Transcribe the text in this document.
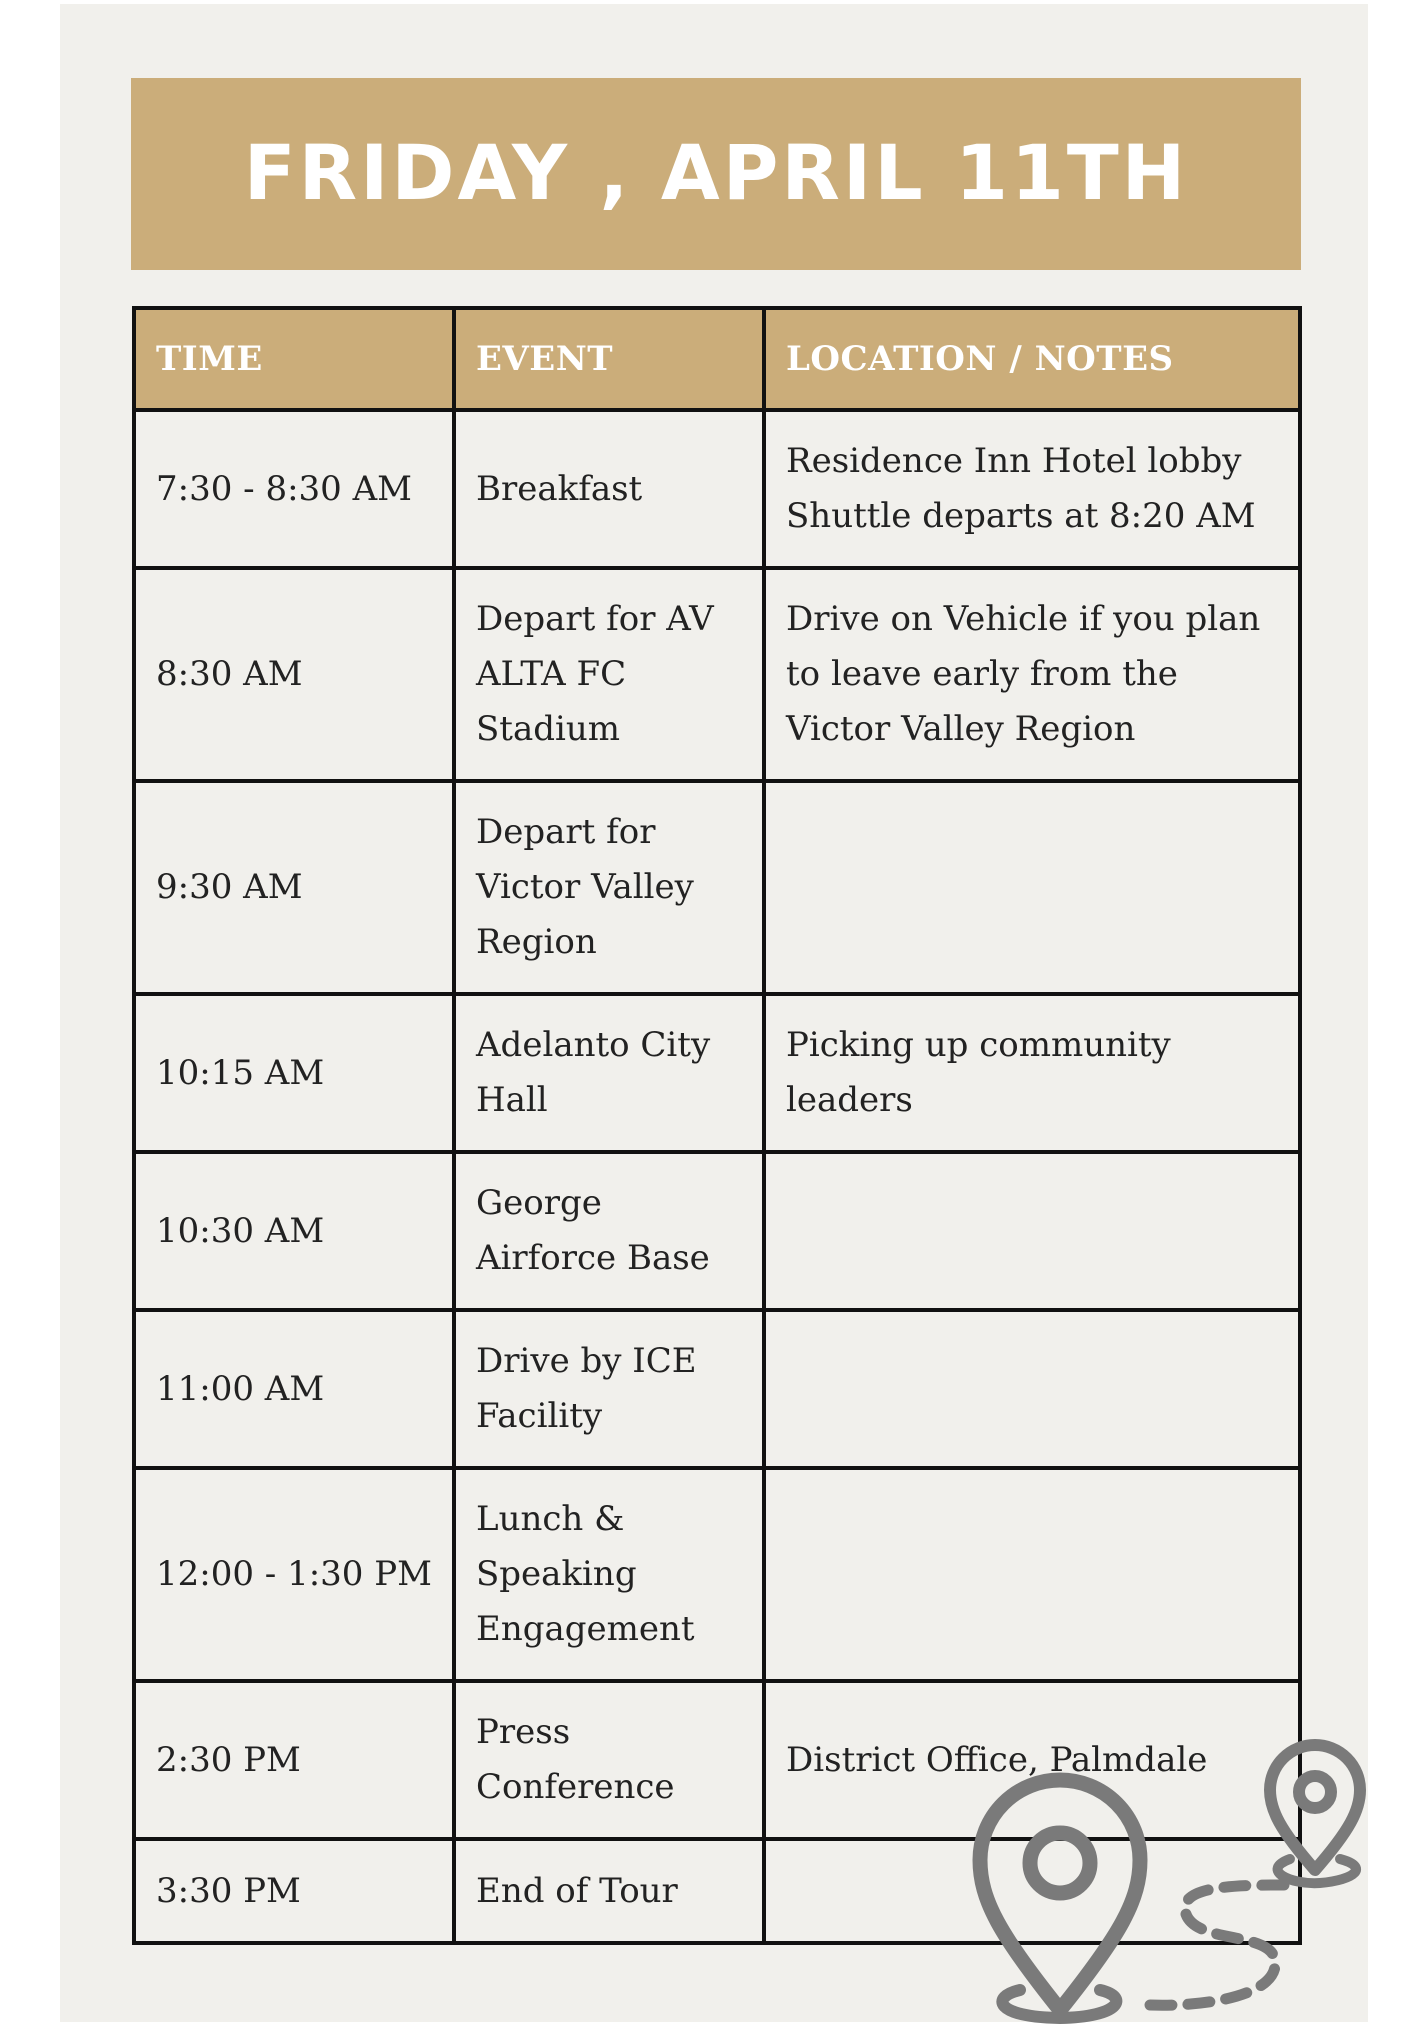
FRIDAY , APRIL 11TH
TIME	EVENT	LOCATION / NOTES
7:30 - 8:30 AM	Breakfast	Residence Inn Hotel lobby Shuttle departs at 8:20 AM
8:30 AM	Depart for AV ALTA FC Stadium	Drive on Vehicle if you plan to leave early from the Victor Valley Region
9:30 AM	Depart for Victor Valley Region	
10:15 AM	Adelanto City Hall	Picking up community leaders
10:30 AM	George Airforce Base	
11:00 AM	Drive by ICE Facility	
12:00 - 1:30 PM	Lunch & Speaking Engagement	
2:30 PM	Press Conference	District Office, Palmdale
3:30 PM	End of Tour	
